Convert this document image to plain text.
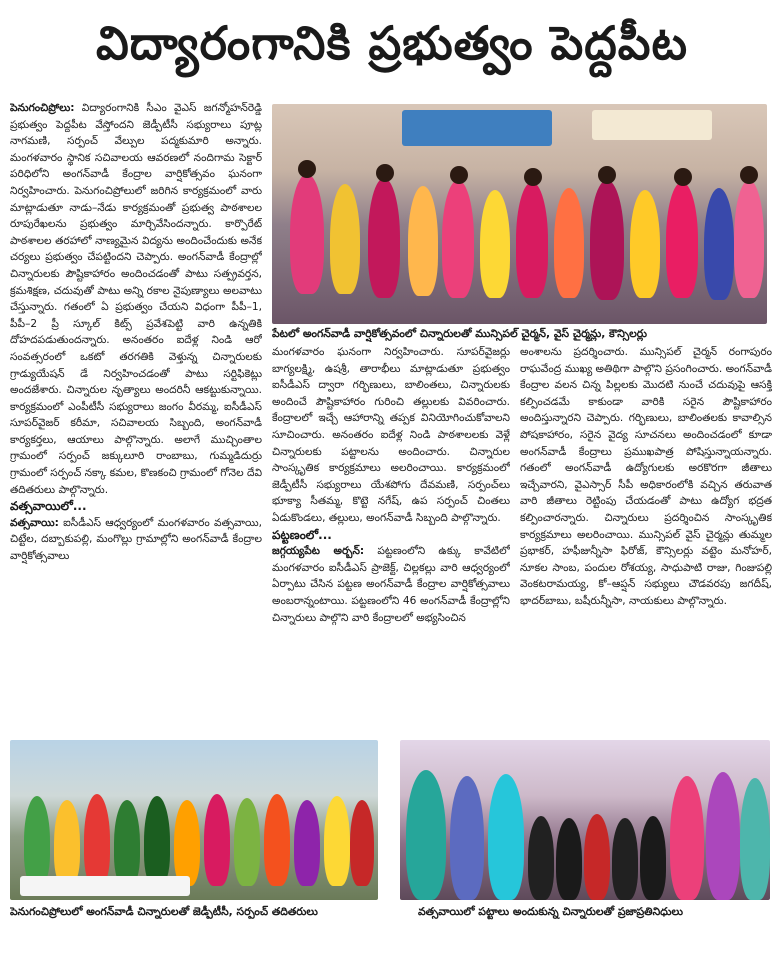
విద్యారంగానికి ప్రభుత్వం పెద్దపీట

పెనుగంచిప్రోలు: విద్యారంగానికి సీఎం వైఎస్ జగన్మోహన్‌రెడ్డి ప్రభుత్వం పెద్దపీట వేస్తోందని జెడ్పీటీసీ సభ్యురాలు పూట్ల నాగమణి, సర్పంచ్ వేల్పుల పద్మకుమారి అన్నారు. మంగళవారం స్థానిక సచివాలయ ఆవరణలో నందిగామ సెక్టార్ పరిధిలోని అంగన్‌వాడీ కేంద్రాల వార్షికోత్సవం ఘనంగా నిర్వహించారు. పెనుగంచిప్రోలులో జరిగిన కార్యక్రమంలో వారు మాట్లాడుతూ నాడు–నేడు కార్యక్రమంతో ప్రభుత్వ పాఠశాలల రూపురేఖలను ప్రభుత్వం మార్చివేసిందన్నారు. కార్పొరేట్ పాఠశాలల తరహాలో నాణ్యమైన విద్యను అందించేందుకు అనేక చర్యలు ప్రభుత్వం చేపట్టిందని చెప్పారు. అంగన్‌వాడీ కేంద్రాల్లో చిన్నారులకు పౌష్టికాహారం అందించడంతో పాటు సత్ప్రవర్తన, క్రమశిక్షణ, చదువుతో పాటు అన్ని రకాల నైపుణ్యాలు అలవాటు చేస్తున్నారు. గతంలో ఏ ప్రభుత్వం చేయని విధంగా పీపీ–1, పీపీ–2 ప్రీ స్కూల్ కిట్స్ ప్రవేశపెట్టి వారి ఉన్నతికి దోహదపడుతుందన్నారు. అనంతరం ఐదేళ్ల నిండి ఆరో సంవత్సరంలో ఒకటో తరగతికి వెళ్తున్న చిన్నారులకు గ్రాడ్యుయేషన్ డే నిర్వహించడంతో పాటు సర్టిఫికెట్లు అందజేశారు. చిన్నారుల నృత్యాలు అందరినీ ఆకట్టుకున్నాయి. కార్యక్రమంలో ఎంపీటీసీ సభ్యురాలు జంగం వీరమ్మ, ఐసీడీఎస్ సూపర్‌వైజర్ కరీమా, సచివాలయ సిబ్బంది, అంగన్‌వాడీ కార్యకర్తలు, ఆయాలు పాల్గొన్నారు. అలాగే ముచ్చింతాల గ్రామంలో సర్పంచ్ జక్కులూరి రాంబాబు, గుమ్మడిదుర్రు గ్రామంలో సర్పంచ్ నక్కా కమల, కొణకంచి గ్రామంలో గోనెల దేవి తదితరులు పాల్గొన్నారు.

వత్సవాయిలో...

వత్సవాయి: ఐసీడీఎస్ ఆధ్వర్యంలో మంగళవారం వత్సవాయి, చిట్టేల, దబ్బాకుపల్లి, మంగొల్లు గ్రామాల్లోని అంగన్‌వాడీ కేంద్రాల వార్షికోత్సవాలు

పేటలో అంగన్‌వాడీ వార్షికోత్సవంలో చిన్నారులతో మున్సిపల్ చైర్మన్, వైస్ చైర్మన్లు, కౌన్సిలర్లు

మంగళవారం ఘనంగా నిర్వహించారు. సూపర్‌వైజర్లు బాగ్యలక్ష్మి, ఉషశ్రీ, తారాభీలు మాట్లాడుతూ ప్రభుత్వం ఐసీడీఎస్ ద్వారా గర్భిణులు, బాలింతలు, చిన్నారులకు అందించే పౌష్టికాహారం గురించి తల్లులకు వివరించారు. కేంద్రాలలో ఇచ్చే ఆహారాన్ని తప్పక వినియోగించుకోవాలని సూచించారు. అనంతరం ఐదేళ్ల నిండి పాఠశాలలకు వెళ్లే చిన్నారులకు పట్టాలను అందించారు. చిన్నారుల సాంస్కృతిక కార్యక్రమాలు అలరించాయి. కార్యక్రమంలో జెడ్పీటీసీ సభ్యురాలు యేశపోగు దేవమణి, సర్పంచ్‌లు భూక్యా సీతమ్మ, కొట్టె నగేష్, ఉప సర్పంచ్ చింతలు ఏడుకొండలు, తల్లులు, అంగన్‌వాడీ సిబ్బంది పాల్గొన్నారు.

పట్టణంలో...

జగ్గయ్యపేట అర్బన్: పట్టణంలోని ఉక్కు కావేటిలో మంగళవారం ఐసీడీఎస్ ప్రాజెక్ట్, చిల్లకల్లు వారి ఆధ్వర్యంలో ఏర్పాటు చేసిన పట్టణ అంగన్‌వాడీ కేంద్రాల వార్షికోత్సవాలు అంబరాన్నంటాయి. పట్టణంలోని 46 అంగన్‌వాడీ కేంద్రాల్లోని చిన్నారులు పాల్గొని వారి కేంద్రాలలో అభ్యసించిన

అంశాలను ప్రదర్శించారు. మున్సిపల్ చైర్మన్ రంగాపురం రాఘవేంద్ర ముఖ్య అతిథిగా పాల్గొని ప్రసంగించారు. అంగన్‌వాడీ కేంద్రాల వలన చిన్న పిల్లలకు మొదటి నుంచే చదువుపై ఆసక్తి కల్పించడమే కాకుండా వారికి సరైన పౌష్టికాహారం అందిస్తున్నారని చెప్పారు. గర్భిణులు, బాలింతలకు కావాల్సిన పోషకాహారం, సరైన వైద్య సూచనలు అందించడంలో కూడా అంగన్‌వాడీ కేంద్రాలు ప్రముఖపాత్ర పోషిస్తున్నాయన్నారు. గతంలో అంగన్‌వాడీ ఉద్యోగులకు అరకొరగా జీతాలు ఇచ్చేవారని, వైఎస్సార్ సీపీ అధికారంలోకి వచ్చిన తరువాత వారి జీతాలు రెట్టింపు చేయడంతో పాటు ఉద్యోగ భద్రత కల్పించారన్నారు. చిన్నారులు ప్రదర్శించిన సాంస్కృతిక కార్యక్రమాలు అలరించాయి. మున్సిపల్ వైస్ చైర్మన్లు తుమ్మల ప్రభాకర్, హఫీజున్నీసా ఫిరోజ్, కౌన్సిలర్లు వట్టెం మనోహర్, నూకల సాంబ, పందుల రోశయ్య, సాధుపాటి రాజు, గింజుపల్లి వెంకటరామయ్య, కో–ఆప్షన్ సభ్యులు చౌడవరపు జగదీష్, భాదర్‌బాబు, బషీరున్నీసా, నాయకులు పాల్గొన్నారు.

పెనుగంచిప్రోలులో అంగన్‌వాడీ చిన్నారులతో జెడ్పీటీసీ, సర్పంచ్ తదితరులు	వత్సవాయిలో పట్టాలు అందుకున్న చిన్నారులతో ప్రజాప్రతినిధులు
